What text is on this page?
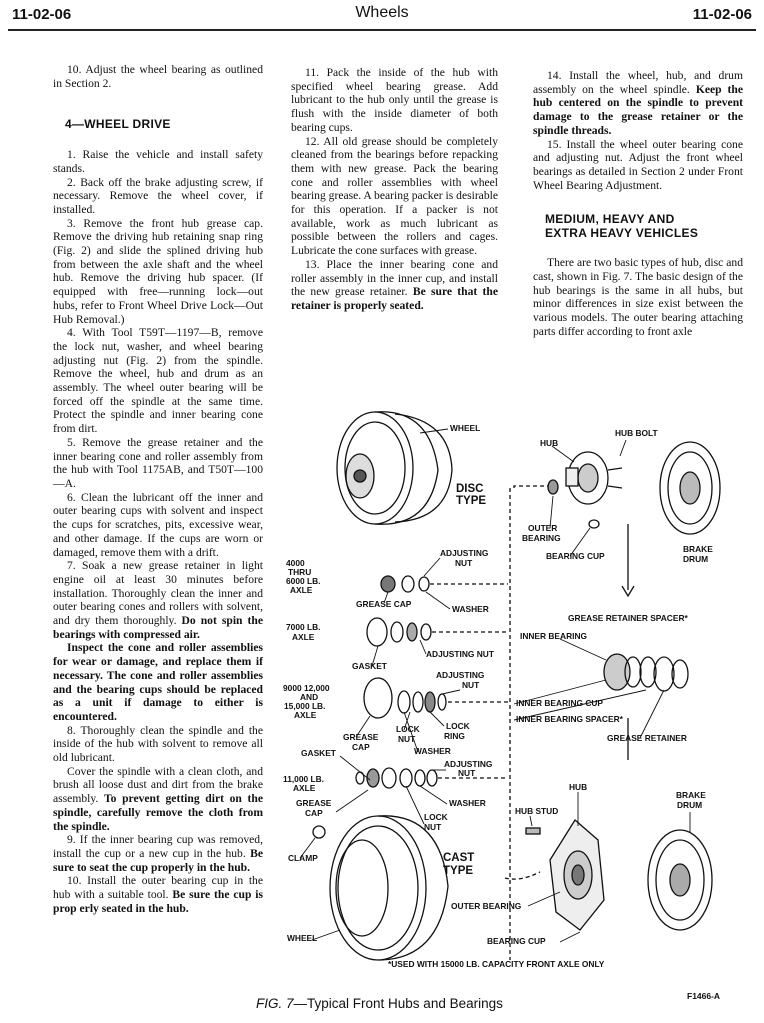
11-02-06	Wheels	11-02-06

10. Adjust the wheel bearing as outlined in Section 2.

4—WHEEL DRIVE

1. Raise the vehicle and install safety stands.

2. Back off the brake adjusting screw, if necessary. Remove the wheel cover, if installed.

3. Remove the front hub grease cap. Remove the driving hub retaining snap ring (Fig. 2) and slide the splined driving hub from between the axle shaft and the wheel hub. Remove the driving hub spacer. (If equipped with free—running lock—out hubs, refer to Front Wheel Drive Lock—Out Hub Removal.)

4. With Tool T59T—1197—B, remove the lock nut, washer, and wheel bearing adjusting nut (Fig. 2) from the spindle. Remove the wheel, hub and drum as an assembly. The wheel outer bearing will be forced off the spindle at the same time. Protect the spindle and inner bearing cone from dirt.

5. Remove the grease retainer and the inner bearing cone and roller assembly from the hub with Tool 1175AB, and T50T—100—A.

6. Clean the lubricant off the inner and outer bearing cups with solvent and inspect the cups for scratches, pits, excessive wear, and other damage. If the cups are worn or damaged, remove them with a drift.

7. Soak a new grease retainer in light engine oil at least 30 minutes before installation. Thoroughly clean the inner and outer bearing cones and rollers with solvent, and dry them thoroughly. Do not spin the bearings with compressed air.

Inspect the cone and roller assemblies for wear or damage, and replace them if necessary. The cone and roller assemblies and the bearing cups should be replaced as a unit if damage to either is encountered.

8. Thoroughly clean the spindle and the inside of the hub with solvent to remove all old lubricant.

Cover the spindle with a clean cloth, and brush all loose dust and dirt from the brake assembly. To prevent getting dirt on the spindle, carefully remove the cloth from the spindle.

9. If the inner bearing cup was removed, install the cup or a new cup in the hub. Be sure to seat the cup properly in the hub.

10. Install the outer bearing cup in the hub with a suitable tool. Be sure the cup is prop erly seated in the hub.

11. Pack the inside of the hub with specified wheel bearing grease. Add lubricant to the hub only until the grease is flush with the inside diameter of both bearing cups.

12. All old grease should be completely cleaned from the bearings before repacking them with new grease. Pack the bearing cone and roller assemblies with wheel bearing grease. A bearing packer is desirable for this operation. If a packer is not available, work as much lubricant as possible between the rollers and cages. Lubricate the cone surfaces with grease.

13. Place the inner bearing cone and roller assembly in the inner cup, and install the new grease retainer. Be sure that the retainer is properly seated.

14. Install the wheel, hub, and drum assembly on the wheel spindle. Keep the hub centered on the spindle to prevent damage to the grease retainer or the spindle threads.

15. Install the wheel outer bearing cone and adjusting nut. Adjust the front wheel bearings as detailed in Section 2 under Front Wheel Bearing Adjustment.

MEDIUM, HEAVY AND
EXTRA HEAVY VEHICLES

There are two basic types of hub, disc and cast, shown in Fig. 7. The basic design of the hub bearings is the same in all hubs, but minor differences in size exist between the various models. The outer bearing attaching parts differ according to front axle

WHEEL
HUB
HUB BOLT
OUTER
BEARING
BEARING CUP
BRAKE
DRUM
ADJUSTING
NUT
4000
THRU
6000 LB.
AXLE
GREASE CAP	WASHER
GREASE RETAINER SPACER*
7000 LB.
AXLE	INNER BEARING
ADJUSTING NUT
GASKET
ADJUSTING
NUT
9000 12,000
AND
15,000 LB.
AXLE
INNER BEARING CUP
INNER BEARING SPACER*
LOCK
RING
LOCK
NUT
GREASE
CAP
GREASE RETAINER
WASHER
GASKET
ADJUSTING
NUT
11,000 LB.
AXLE	HUB
BRAKE
DRUM
GREASE
CAP
WASHER
HUB STUD
LOCK
NUT
CLAMP
OUTER BEARING
WHEEL	BEARING CUP
*USED WITH 15000 LB. CAPACITY FRONT AXLE ONLY
DISC
TYPE
CAST
TYPE
FIG. 7—Typical Front Hubs and Bearings	F1466-A
